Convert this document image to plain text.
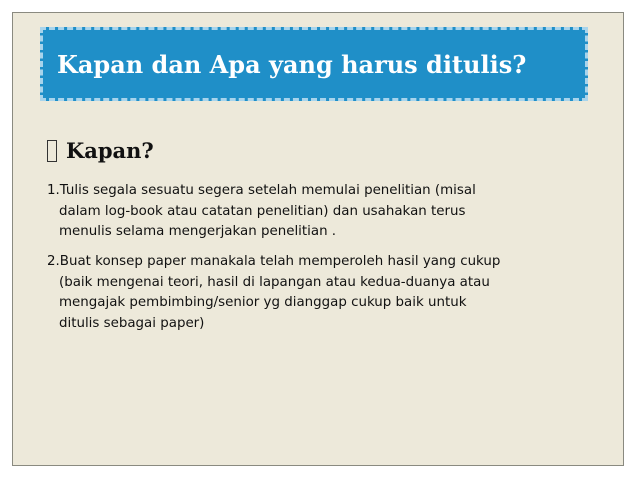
Kapan dan Apa yang harus ditulis?
Kapan?
1.Tulis segala sesuatu segera setelah memulai penelitian (misal
dalam log-book atau catatan penelitian) dan usahakan terus
menulis selama mengerjakan penelitian .
2.Buat konsep paper manakala telah memperoleh hasil yang cukup
(baik mengenai teori, hasil di lapangan atau kedua-duanya atau
mengajak pembimbing/senior yg dianggap cukup baik untuk
ditulis sebagai paper)
